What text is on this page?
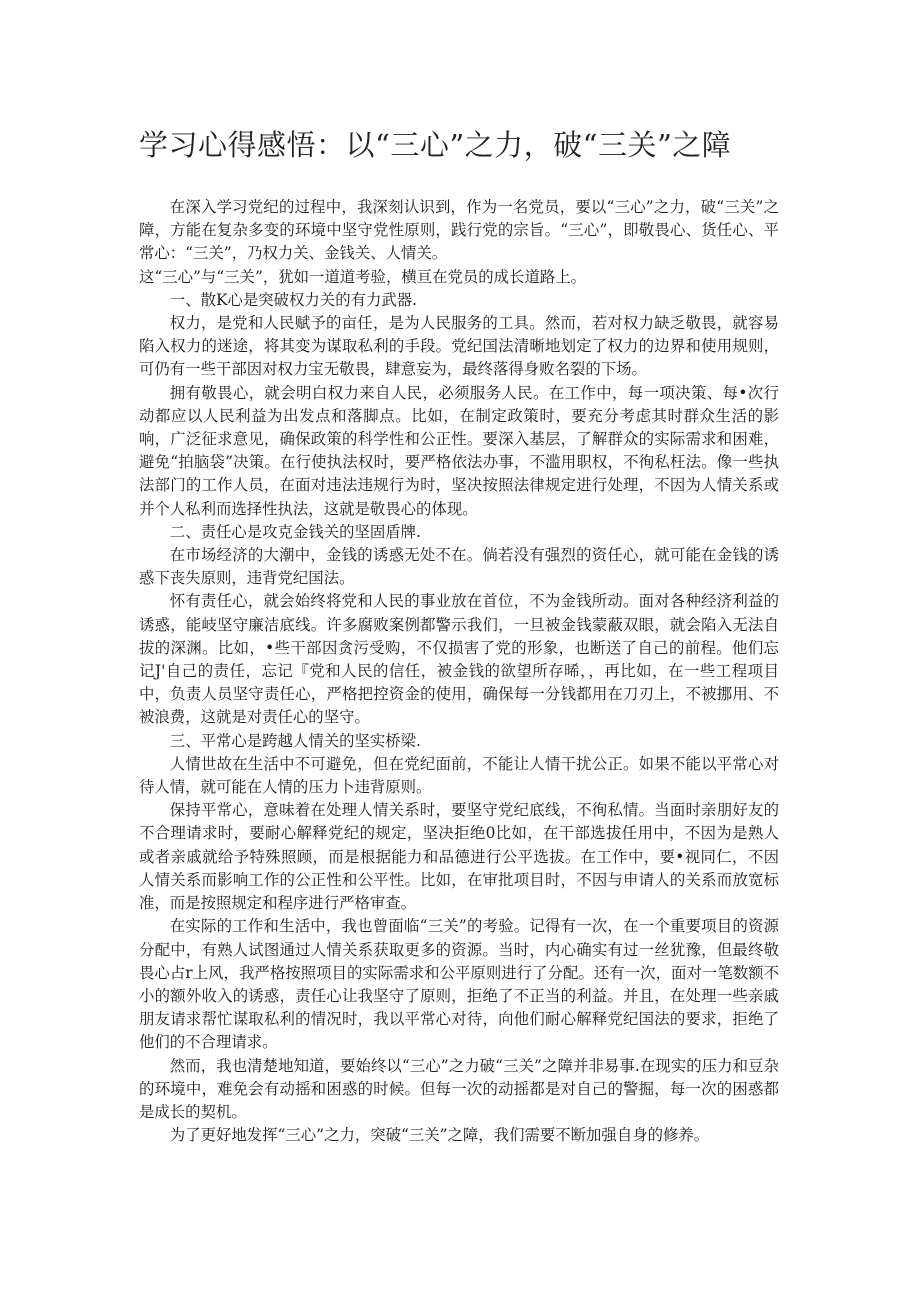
学习心得感悟：以“三心”之力，破“三关”之障

在深入学习党纪的过程中，我深刻认识到，作为一名党员，要以“三心”之力，破“三关”之障，方能在复杂多变的环境中坚守党性原则，践行党的宗旨。“三心”，即敬畏心、货任心、平常心：“三关”，乃权力关、金钱关、人情关。

这“三心”与“三关”，犹如一道道考验，横亘在党员的成长道路上。

一、散K心是突破权力关的有力武器.

权力，是党和人民赋予的亩任，是为人民服务的工具。然而，若对权力缺乏敬畏，就容易陷入权力的迷途，将其变为谋取私利的手段。党纪国法清晰地划定了权力的边界和使用规则，可仍有一些干部因对权力宝无敬畏，肆意妄为，最终落得身败名裂的下场。

拥有敬畏心，就会明白权力来自人民，必须服务人民。在工作中，每一项决策、每•次行动都应以人民利益为出发点和落脚点。比如，在制定政策时，要充分考虑其时群众生活的影响，广泛征求意见，确保政策的科学性和公正性。要深入基层，了解群众的实际需求和困难，避免“拍脑袋”决策。在行使执法权时，要严格依法办事，不滥用职权，不徇私枉法。像一些执法部门的工作人员，在面对违法违规行为时，坚决按照法律规定进行处理，不因为人情关系或并个人私利而选择性执法，这就是敬畏心的体现。

二、责任心是攻克金钱关的坚固盾牌.

在市场经济的大潮中，金钱的诱惑无处不在。倘若没有强烈的资任心，就可能在金钱的诱惑下丧失原则，违背党纪国法。

怀有责任心，就会始终将党和人民的事业放在首位，不为金钱所动。面对各种经济利益的诱惑，能岐坚守廉洁底线。许多腐败案例都警示我们，一旦被金钱蒙蔽双眼，就会陷入无法自拔的深渊。比如，•些干部因贪污受购，不仅损害了党的形象，也断送了自己的前程。他们忘记J'自己的责任，忘记『党和人民的信任，被金钱的欲望所存晞，，再比如，在一些工程项目中，负责人员坚守责任心，严格把控资金的使用，确保每一分钱都用在刀刃上，不被挪用、不被浪费，这就是对责任心的坚守。

三、平常心是跨越人情关的坚实桥梁.

人情世故在生活中不可避免，但在党纪面前，不能让人情干扰公正。如果不能以平常心对待人情，就可能在人情的压力卜违背原则。

保持平常心，意味着在处理人情关系时，要坚守党纪底线，不徇私情。当面时亲朋好友的不合理请求时，要耐心解释党纪的规定，坚决拒绝0比如，在干部选拔任用中，不因为是熟人或者亲戚就给予特殊照顾，而是根据能力和品德进行公平选拔。在工作中，要•视同仁，不因人情关系而影响工作的公正性和公平性。比如，在审批项目时，不因与申请人的关系而放宽标准，而是按照规定和程序进行严格审查。

在实际的工作和生活中，我也曾面临“三关”的考验。记得有一次，在一个重要项目的资源分配中，有熟人试图通过人情关系获取更多的资源。当时，内心确实有过一丝犹豫，但最终敬畏心占r上风，我严格按照项目的实际需求和公平原则进行了分配。还有一次，面对一笔数额不小的额外收入的诱惑，责任心让我坚守了原则，拒绝了不正当的利益。并且，在处理一些亲戚朋友请求帮忙谋取私利的情况时，我以平常心对待，向他们耐心解释党纪国法的要求，拒绝了他们的不合理请求。

然而，我也清楚地知道，要始终以“三心”之力破“三关”之障并非易事.在现实的压力和豆杂的环境中，难免会有动摇和困惑的时候。但每一次的动摇都是对自己的警掘，每一次的困惑都是成长的契机。

为了更好地发挥“三心”之力，突破“三关”之障，我们需要不断加强自身的修养。
